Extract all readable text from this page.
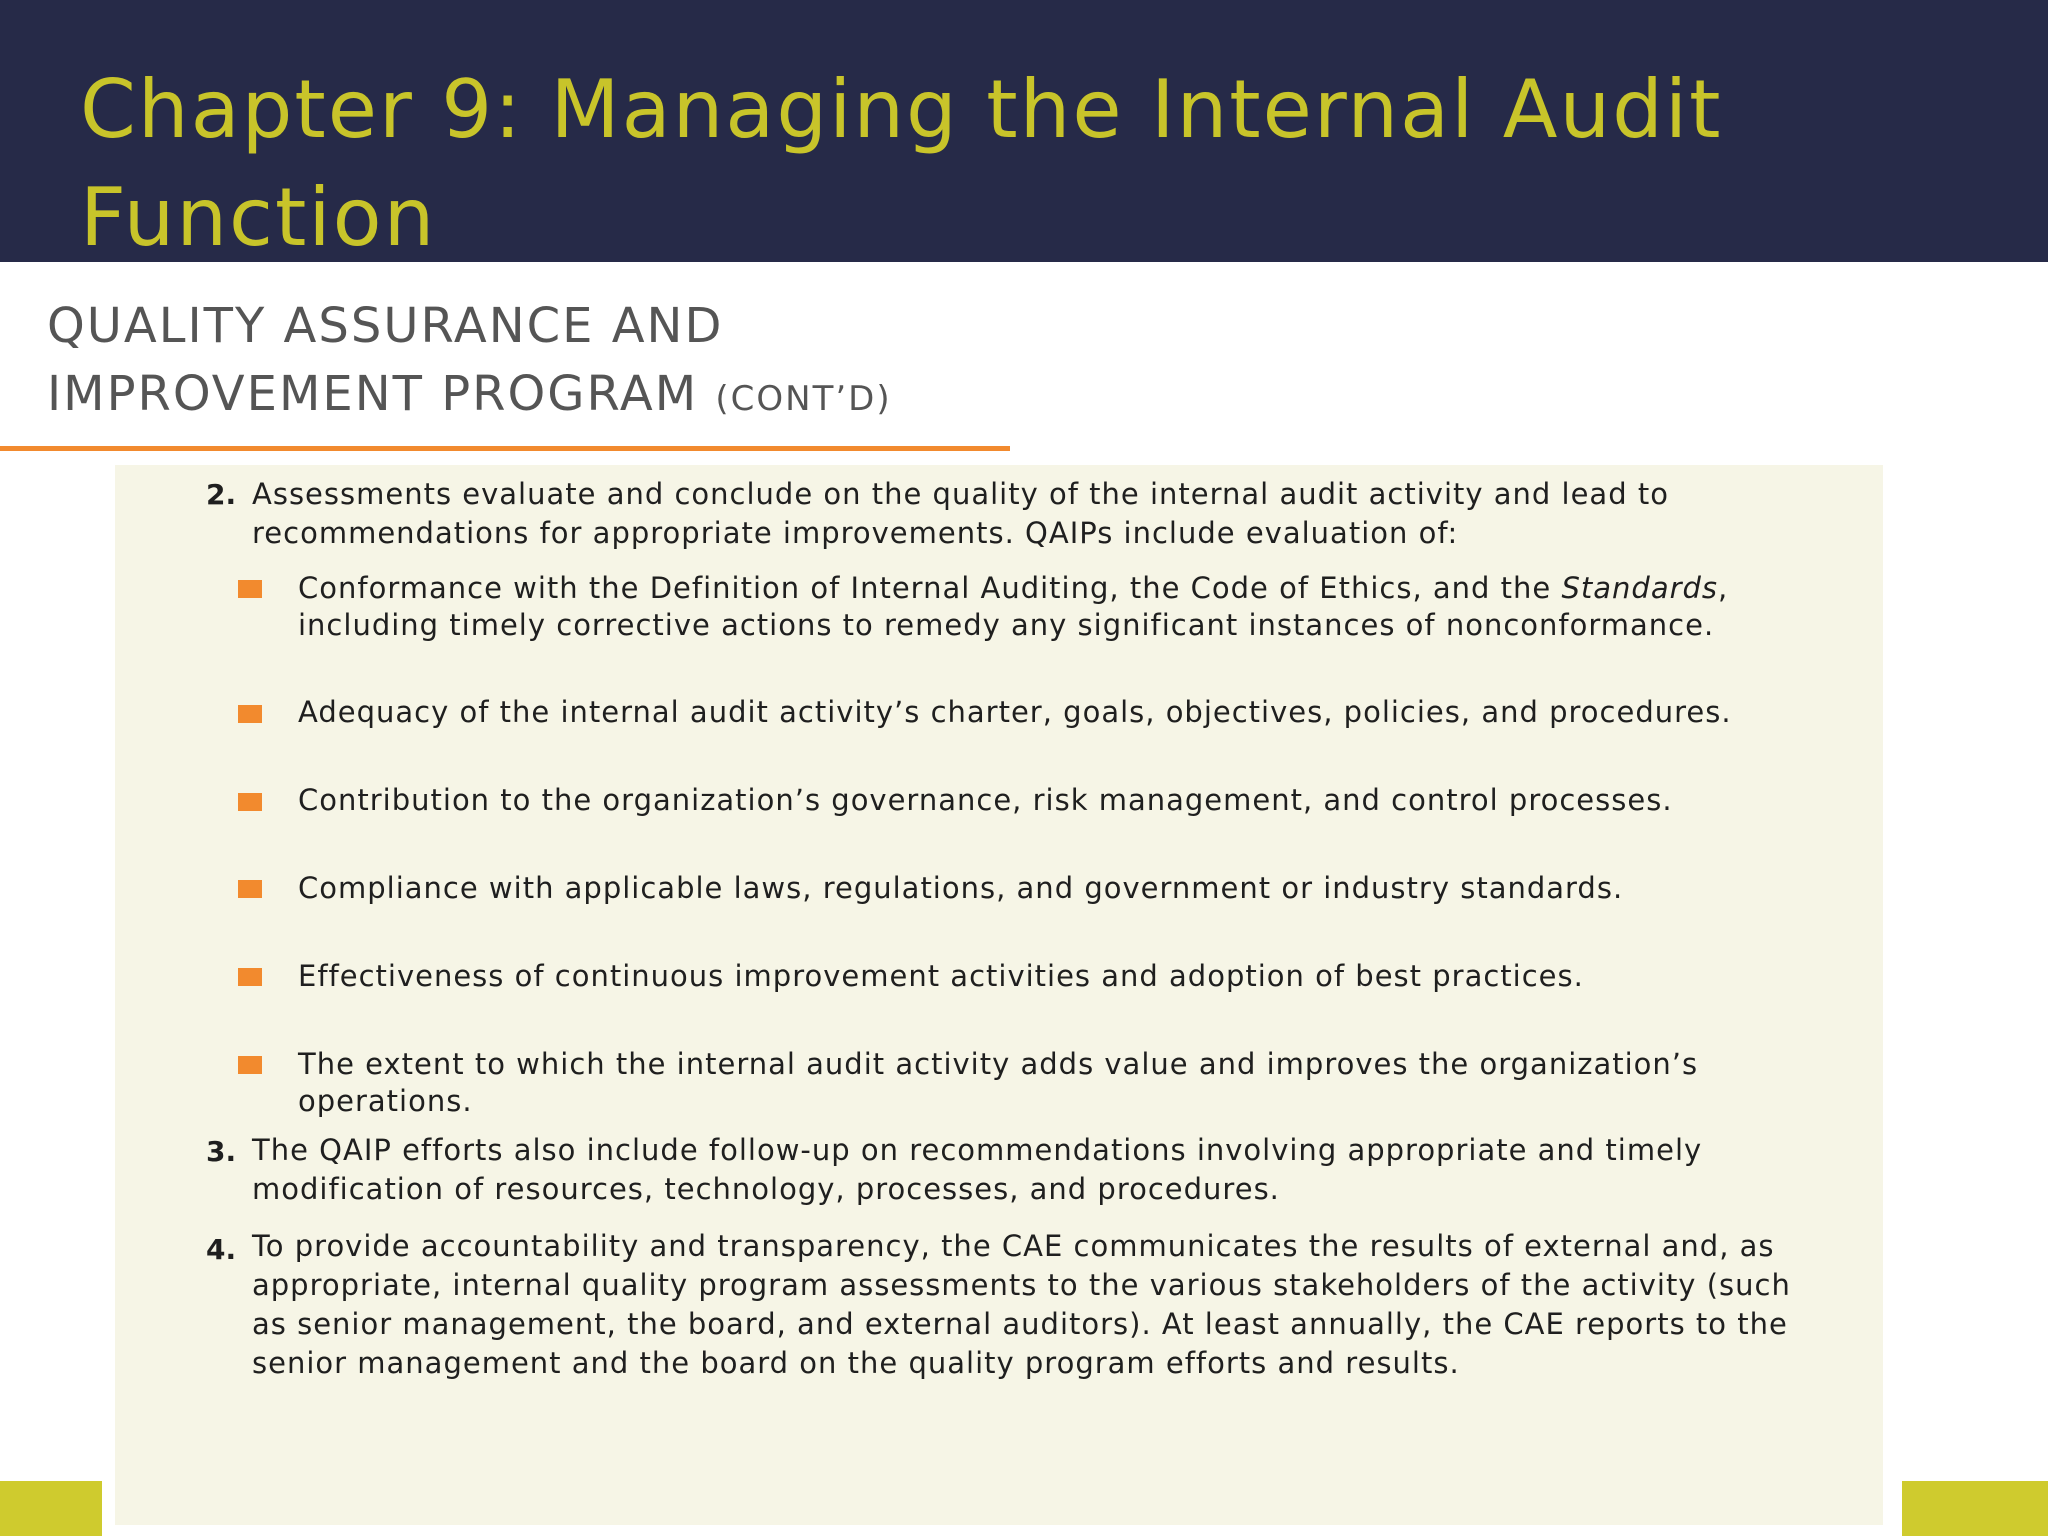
Chapter 9: Managing the Internal Audit Function
QUALITY ASSURANCE AND IMPROVEMENT PROGRAM (CONT’D)
2. Assessments evaluate and conclude on the quality of the internal audit activity and lead to recommendations for appropriate improvements. QAIPs include evaluation of:
Conformance with the Definition of Internal Auditing, the Code of Ethics, and the Standards, including timely corrective actions to remedy any significant instances of nonconformance.
Adequacy of the internal audit activity’s charter, goals, objectives, policies, and procedures.
Contribution to the organization’s governance, risk management, and control processes.
Compliance with applicable laws, regulations, and government or industry standards.
Effectiveness of continuous improvement activities and adoption of best practices.
The extent to which the internal audit activity adds value and improves the organization’s operations.
3. The QAIP efforts also include follow-up on recommendations involving appropriate and timely modification of resources, technology, processes, and procedures.
4. To provide accountability and transparency, the CAE communicates the results of external and, as appropriate, internal quality program assessments to the various stakeholders of the activity (such as senior management, the board, and external auditors). At least annually, the CAE reports to the senior management and the board on the quality program efforts and results.
